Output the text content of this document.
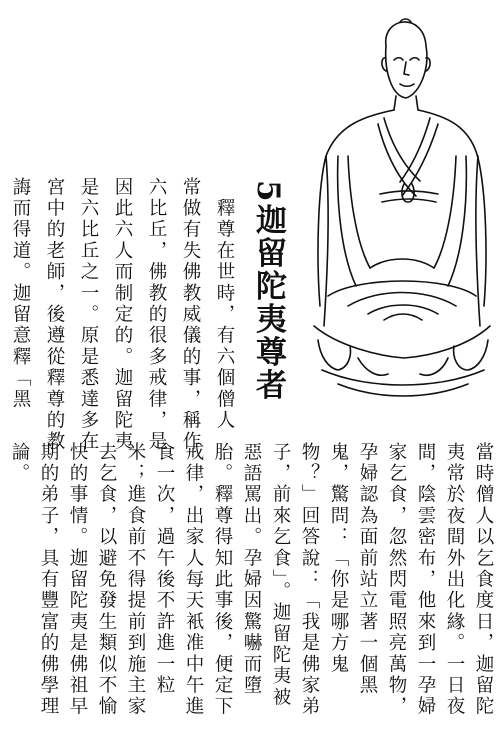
5迦留陀夷尊者
　釋尊在世時，有六個僧人
常做有失佛教威儀的事，稱作
六比丘，佛教的很多戒律，是
因此六人而制定的。迦留陀夷
是六比丘之一。原是悉達多在
宮中的老師，後遵從釋尊的教
誨而得道。迦留意釋「黑
當時僧人以乞食度日，迦留陀
夷常於夜間外出化緣。一日夜
間，陰雲密布，他來到一孕婦
家乞食，忽然閃電照亮萬物，
孕婦認為面前站立著一個黑
鬼，驚問：「你是哪方鬼
物？」回答說：「我是佛家弟
子，前來乞食」。迦留陀夷被
惡語罵出。孕婦因驚嚇而墮
胎。釋尊得知此事後，便定下
戒律，出家人每天衹准中午進
食一次，過午後不許進一粒
米；進食前不得提前到施主家
去乞食，以避免發生類似不愉
快的事情。迦留陀夷是佛祖早
期的弟子，具有豐富的佛學理
論。
